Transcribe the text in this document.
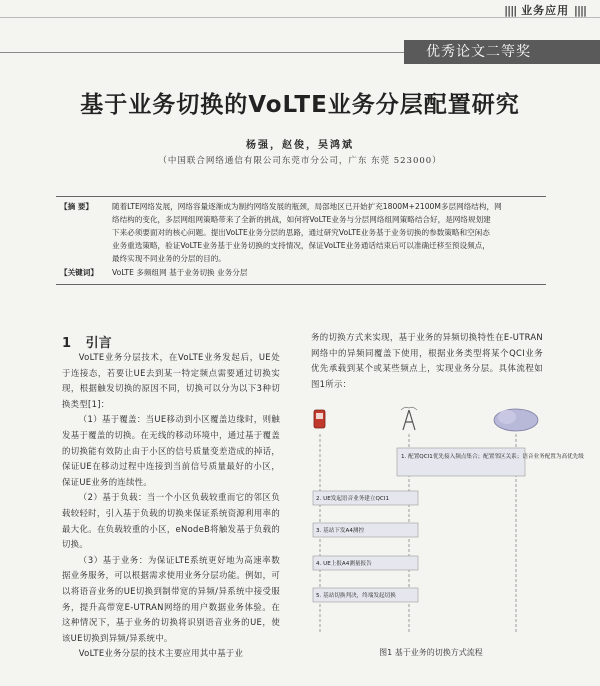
|||| 业务应用 ||||
优秀论文二等奖
基于业务切换的VoLTE业务分层配置研究
杨强，赵俊，吴鸿斌
（中国联合网络通信有限公司东莞市分公司，广东 东莞 523000）
【摘 要】	随着LTE网络发展，网络容量逐渐成为制约网络发展的瓶颈，局部地区已开始扩充1800M+2100M多层网络结构，网
络结构的变化，多层网组网策略带来了全新的挑战，如何将VoLTE业务与分层网络组网策略结合好，是网络规划建
下来必须要面对的核心问题。提出VoLTE业务分层的思路，通过研究VoLTE业务基于业务切换的参数策略和空闲态
业务重选策略，验证VoLTE业务基于业务切换的支持情况，保证VoLTE业务通话结束后可以准确迁移至预设频点，
最终实现不同业务的分层的目的。
【关键词】	VoLTE 多频组网 基于业务切换 业务分层
1 引言

VoLTE业务分层技术，在VoLTE业务发起后，UE处于连接态，若要让UE去到某一特定频点需要通过切换实现，根据触发切换的原因不同，切换可以分为以下3种切换类型[1]：

（1）基于覆盖：当UE移动到小区覆盖边缘时，则触发基于覆盖的切换。在无线的移动环境中，通过基于覆盖的切换能有效防止由于小区的信号质量变差造成的掉话，保证UE在移动过程中连接到当前信号质量最好的小区，保证UE业务的连续性。

（2）基于负载：当一个小区负载较重而它的邻区负载较轻时，引入基于负载的切换来保证系统资源利用率的最大化。在负载较重的小区，eNodeB将触发基于负载的切换。

（3）基于业务：为保证LTE系统更好地为高速率数据业务服务，可以根据需求使用业务分层功能。例如，可以将语音业务的UE切换到制带宽的异频/异系统中接受服务，提升高带宽E-UTRAN网络的用户数据业务体验。在这种情况下，基于业务的切换将识别语音业务的UE，使该UE切换到异频/异系统中。

VoLTE业务分层的技术主要应用其中基于业

务的切换方式来实现，基于业务的异频切换特性在E-UTRAN网络中的异频同覆盖下使用，根据业务类型将某个QCI业务优先承载到某个或某些频点上，实现业务分层。具体流程如图1所示：

1. 配置QCI1优先接入频点集合；配置邻区关系；语音业务配置为高优先级
2. UE发起语音业务建立QCI1
3. 基站下发A4测控
4. UE上报A4测量报告
5. 基站切换判决，终端发起切换
图1 基于业务的切换方式流程
